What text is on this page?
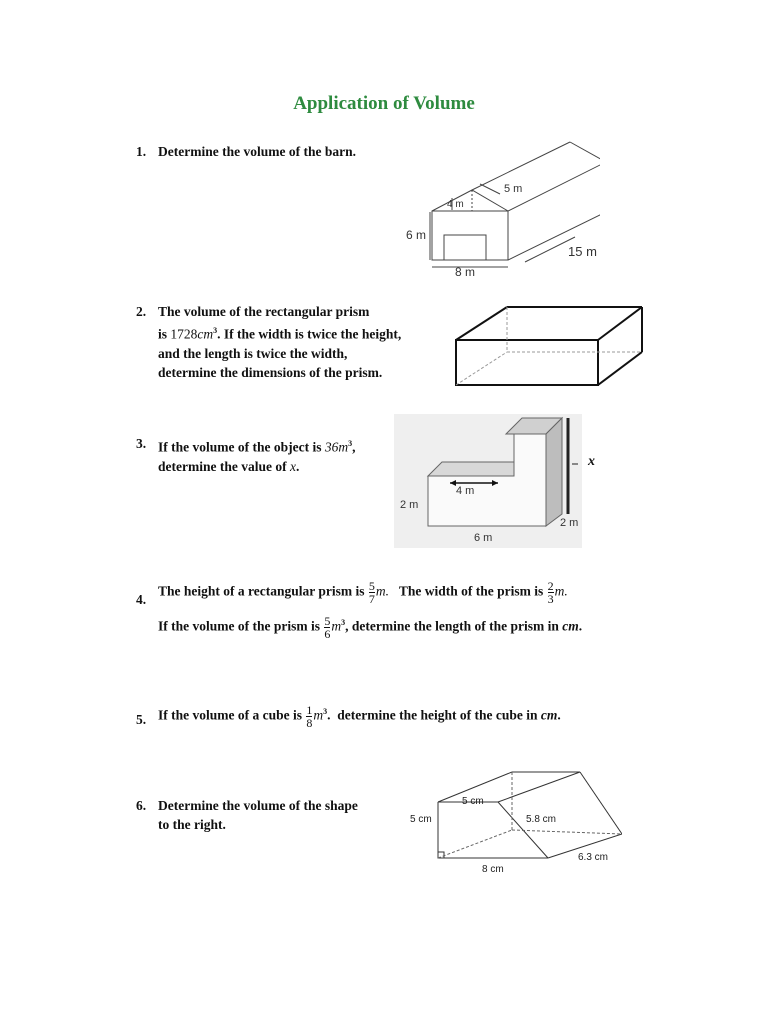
Application of Volume
1. Determine the volume of the barn.
5 m
4 m
6 m
15 m
8 m
2. The volume of the rectangular prism
is $1728cm^3$. If the width is twice the height,
and the length is twice the width,
determine the dimensions of the prism.
3. If the volume of the object is $36m^3$,
determine the value of x.
4 m
2 m
2 m
6 m
x
4.
The height of a rectangular prism is $\frac{5}{7} m$. The width of the prism is $\frac{2}{3} m$.
If the volume of the prism is $\frac{5}{6} m^3$, determine the length of the prism in cm.
5. If the volume of a cube is $\frac{1}{8} m^3$. determine the height of the cube in cm.
6. Determine the volume of the shape
to the right.
5 cm
5 cm	5.8 cm
6.3 cm
8 cm
